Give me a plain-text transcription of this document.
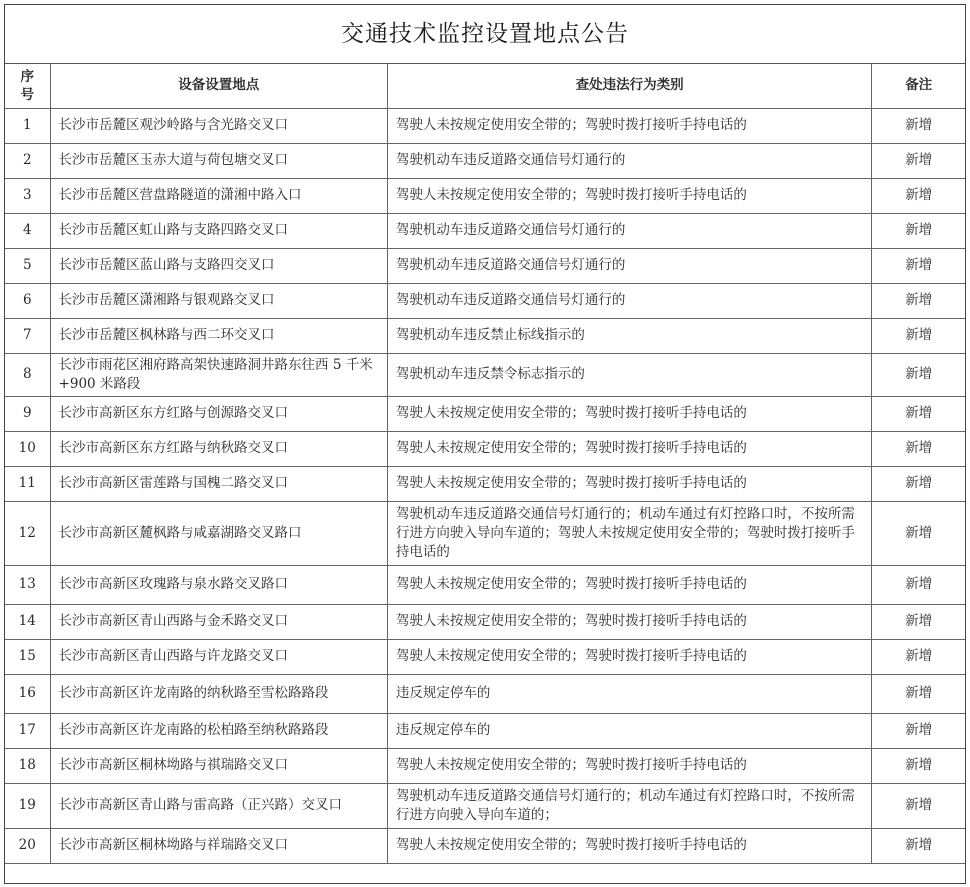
交通技术监控设置地点公告
序
号	设备设置地点	查处违法行为类别	备注
1	长沙市岳麓区观沙岭路与含光路交叉口	驾驶人未按规定使用安全带的；驾驶时拨打接听手持电话的	新增
2	长沙市岳麓区玉赤大道与荷包塘交叉口	驾驶机动车违反道路交通信号灯通行的	新增
3	长沙市岳麓区营盘路隧道的潇湘中路入口	驾驶人未按规定使用安全带的；驾驶时拨打接听手持电话的	新增
4	长沙市岳麓区虹山路与支路四路交叉口	驾驶机动车违反道路交通信号灯通行的	新增
5	长沙市岳麓区蓝山路与支路四交叉口	驾驶机动车违反道路交通信号灯通行的	新增
6	长沙市岳麓区潇湘路与银观路交叉口	驾驶机动车违反道路交通信号灯通行的	新增
7	长沙市岳麓区枫林路与西二环交叉口	驾驶机动车违反禁止标线指示的	新增
8	长沙市雨花区湘府路高架快速路洞井路东往西 5 千米+900 米路段	驾驶机动车违反禁令标志指示的	新增
9	长沙市高新区东方红路与创源路交叉口	驾驶人未按规定使用安全带的；驾驶时拨打接听手持电话的	新增
10	长沙市高新区东方红路与纳秋路交叉口	驾驶人未按规定使用安全带的；驾驶时拨打接听手持电话的	新增
11	长沙市高新区雷莲路与国槐二路交叉口	驾驶人未按规定使用安全带的；驾驶时拨打接听手持电话的	新增
12	长沙市高新区麓枫路与咸嘉湖路交叉路口	驾驶机动车违反道路交通信号灯通行的；机动车通过有灯控路口时，不按所需行进方向驶入导向车道的；驾驶人未按规定使用安全带的；驾驶时拨打接听手持电话的	新增
13	长沙市高新区玫瑰路与泉水路交叉路口	驾驶人未按规定使用安全带的；驾驶时拨打接听手持电话的	新增
14	长沙市高新区青山西路与金禾路交叉口	驾驶人未按规定使用安全带的；驾驶时拨打接听手持电话的	新增
15	长沙市高新区青山西路与许龙路交叉口	驾驶人未按规定使用安全带的；驾驶时拨打接听手持电话的	新增
16	长沙市高新区许龙南路的纳秋路至雪松路路段	违反规定停车的	新增
17	长沙市高新区许龙南路的松柏路至纳秋路路段	违反规定停车的	新增
18	长沙市高新区桐林坳路与祺瑞路交叉口	驾驶人未按规定使用安全带的；驾驶时拨打接听手持电话的	新增
19	长沙市高新区青山路与雷高路（正兴路）交叉口	驾驶机动车违反道路交通信号灯通行的；机动车通过有灯控路口时，不按所需行进方向驶入导向车道的；	新增
20	长沙市高新区桐林坳路与祥瑞路交叉口	驾驶人未按规定使用安全带的；驾驶时拨打接听手持电话的	新增
